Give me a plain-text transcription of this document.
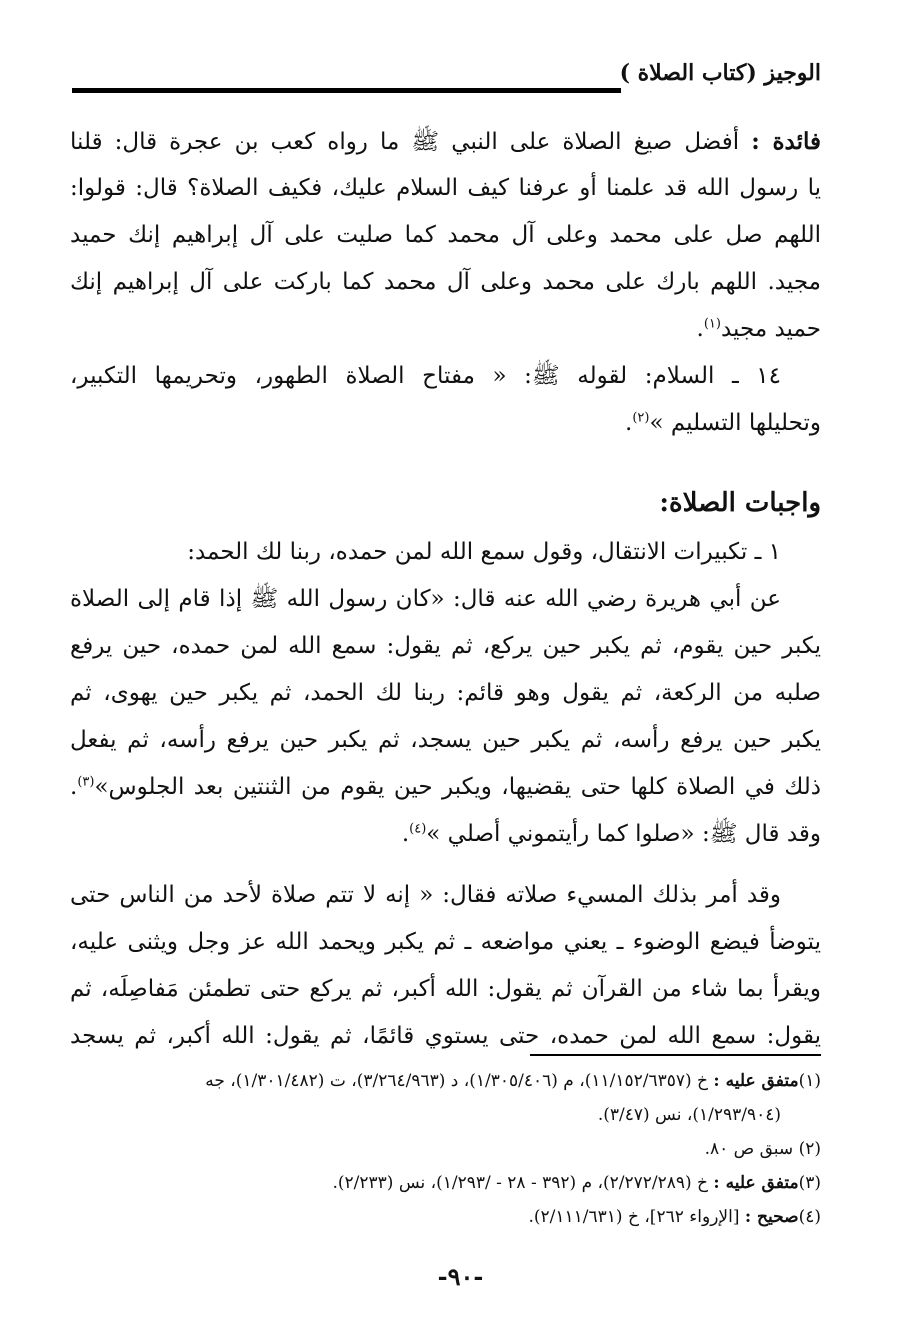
الوجيز (كتاب الصلاة )

فائدة : أفضل صيغ الصلاة على النبي ﷺ ما رواه كعب بن عجرة قال: قلنا

يا رسول الله قد علمنا أو عرفنا كيف السلام عليك، فكيف الصلاة؟ قال: قولوا:

اللهم صل على محمد وعلى آل محمد كما صليت على آل إبراهيم إنك حميد

مجيد. اللهم بارك على محمد وعلى آل محمد كما باركت على آل إبراهيم إنك

حميد مجيد$^{(١)}$.

١٤ ـ السلام: لقوله ﷺ: « مفتاح الصلاة الطهور، وتحريمها التكبير،

وتحليلها التسليم »$^{(٢)}$.

واجبات الصلاة:

١ ـ تكبيرات الانتقال، وقول سمع الله لمن حمده، ربنا لك الحمد:

عن أبي هريرة رضي الله عنه قال: «كان رسول الله ﷺ إذا قام إلى الصلاة

يكبر حين يقوم، ثم يكبر حين يركع، ثم يقول: سمع الله لمن حمده، حين يرفع

صلبه من الركعة، ثم يقول وهو قائم: ربنا لك الحمد، ثم يكبر حين يهوى، ثم

يكبر حين يرفع رأسه، ثم يكبر حين يسجد، ثم يكبر حين يرفع رأسه، ثم يفعل

ذلك في الصلاة كلها حتى يقضيها، ويكبر حين يقوم من الثنتين بعد الجلوس»$^{(٣)}$.

وقد قال ﷺ: «صلوا كما رأيتموني أصلي »$^{(٤)}$.

وقد أمر بذلك المسيء صلاته فقال: « إنه لا تتم صلاة لأحد من الناس حتى

يتوضأ فيضع الوضوء ـ يعني مواضعه ـ ثم يكبر ويحمد الله عز وجل ويثنى عليه،

ويقرأ بما شاء من القرآن ثم يقول: الله أكبر، ثم يركع حتى تطمئن مَفاصِلَه، ثم

يقول: سمع الله لمن حمده، حتى يستوي قائمًا، ثم يقول: الله أكبر، ثم يسجد

(١)متفق عليه : خ (١١/١٥٢/٦٣٥٧)، م (١/٣٠٥/٤٠٦)، د (٣/٢٦٤/٩٦٣)، ت (١/٣٠١/٤٨٢)، جه

(١/٢٩٣/٩٠٤)، نس (٣/٤٧).

(٢) سبق ص ٨٠.

(٣)متفق عليه : خ (٢/٢٧٢/٢٨٩)، م (٣٩٢ - ٢٨ - /١/٢٩٣)، نس (٢/٢٣٣).

(٤)صحيح : [الإرواء ٢٦٢]، خ (٢/١١١/٦٣١).

-٩٠-
